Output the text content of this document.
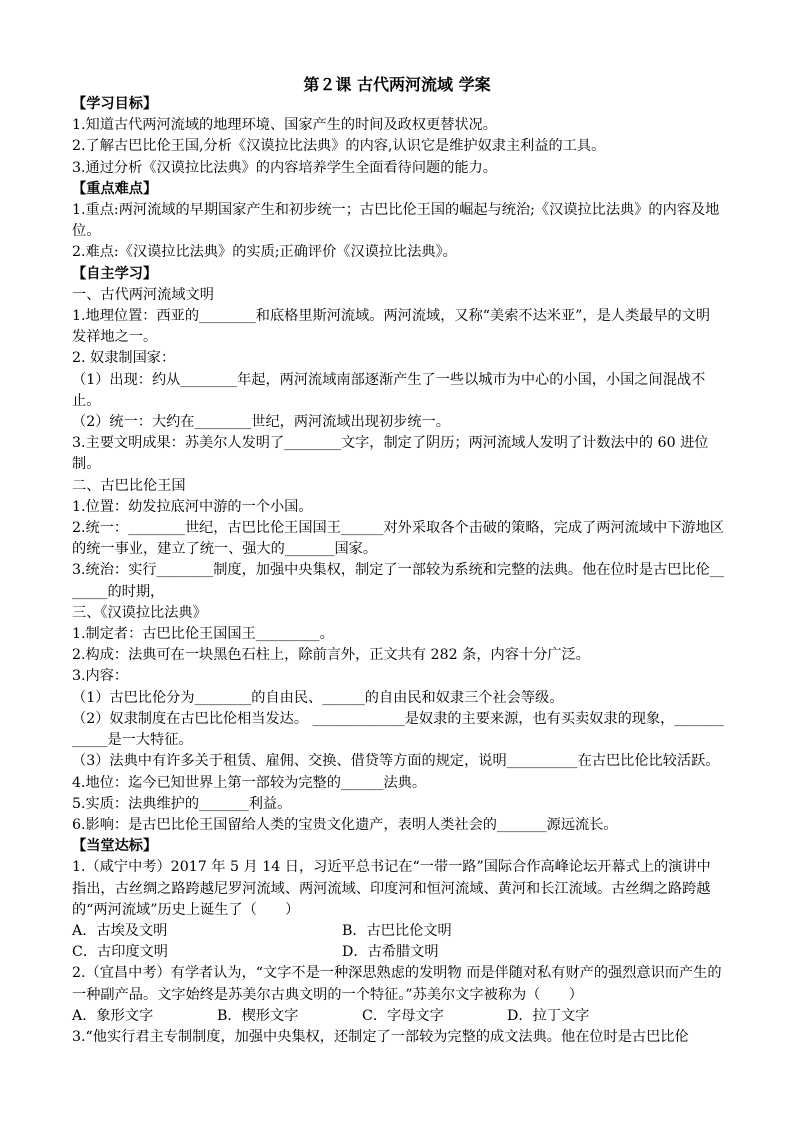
第２课 古代两河流域 学案

【学习目标】

1.知道古代两河流域的地理环境、国家产生的时间及政权更替状况。

2.了解古巴比伦王国,分析《汉谟拉比法典》的内容,认识它是维护奴隶主利益的工具。

3.通过分析《汉谟拉比法典》的内容培养学生全面看待问题的能力。

【重点难点】

1.重点:两河流域的早期国家产生和初步统一；古巴比伦王国的崛起与统治;《汉谟拉比法典》的内容及地位。

2.难点:《汉谟拉比法典》的实质;正确评价《汉谟拉比法典》。

【自主学习】

一、古代两河流域文明

1.地理位置：西亚的________和底格里斯河流域。两河流域，又称“美索不达米亚”，是人类最早的文明发祥地之一。

2. 奴隶制国家：

（1）出现：约从________年起，两河流域南部逐渐产生了一些以城市为中心的小国，小国之间混战不止。

（2）统一：大约在________世纪，两河流域出现初步统一。

3.主要文明成果：苏美尔人发明了________文字，制定了阴历；两河流域人发明了计数法中的 60 进位制。

二、古巴比伦王国

1.位置：幼发拉底河中游的一个小国。

2.统一：________世纪，古巴比伦王国国王______对外采取各个击破的策略，完成了两河流域中下游地区的统一事业，建立了统一、强大的_______国家。

3.统治：实行________制度，加强中央集权，制定了一部较为系统和完整的法典。他在位时是古巴比伦_______的时期，

三、《汉谟拉比法典》

1.制定者：古巴比伦王国国王_________。

2.构成：法典可在一块黑色石柱上，除前言外，正文共有 282 条，内容十分广泛。

3.内容：

（1）古巴比伦分为________的自由民、______的自由民和奴隶三个社会等级。

（2）奴隶制度在古巴比伦相当发达。 _____________是奴隶的主要来源，也有买卖奴隶的现象，____________是一大特征。

（3）法典中有许多关于租赁、雇佣、交换、借贷等方面的规定，说明__________在古巴比伦比较活跃。

4.地位：迄今已知世界上第一部较为完整的______法典。

5.实质：法典维护的_______利益。

6.影响：是古巴比伦王国留给人类的宝贵文化遗产，表明人类社会的_______源远流长。

【当堂达标】

1.（咸宁中考）2017 年 5 月 14 日，习近平总书记在“一带一路”国际合作高峰论坛开幕式上的演讲中指出，古丝绸之路跨越尼罗河流域、两河流域、印度河和恒河流域、黄河和长江流域。古丝绸之路跨越的“两河流域”历史上诞生了（　　）

A．古埃及文明	B．古巴比伦文明
C．古印度文明	D．古希腊文明

2.（宜昌中考）有学者认为，“文字不是一种深思熟虑的发明物 而是伴随对私有财产的强烈意识而产生的一种副产品。文字始终是苏美尔古典文明的一个特征。”苏美尔文字被称为（　　）

A．象形文字	B．楔形文字	C．字母文字	D．拉丁文字

3.“他实行君主专制制度，加强中央集权，还制定了一部较为完整的成文法典。他在位时是古巴比伦
